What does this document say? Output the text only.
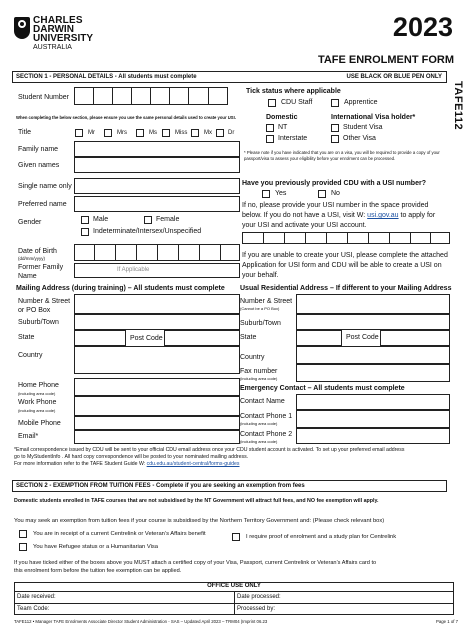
CHARLES
DARWIN
UNIVERSITY
AUSTRALIA
2023
TAFE ENROLMENT FORM
TAFE112
SECTION 1 - PERSONAL DETAILS - All students must complete	USE BLACK OR BLUE PEN ONLY
Student Number
When completing the below section, please ensure you use the same personal details used to create your USI.
Title	Mr	Mrs	Ms	Miss	Mx	Dr
Family name
Given names
Single name only
Preferred name
Gender	Male	Female
Indeterminate/Intersex/Unspecified
Date of Birth
(dd/mm/yyyy)
Former Family Name
If Applicable
Tick status where applicable
CDU Staff	Apprentice
Domestic	International Visa holder*
NT	Student Visa
Interstate	Other Visa
* Please note if you have indicated that you are on a visa, you will be required to provide a copy of your passport/visa to assess your eligibility before your enrolment can be processed.
Have you previously provided CDU with a USI number?
Yes	No
If no, please provide your USI number in the space provided
below. If you do not have a USI, visit W: usi.gov.au to apply for
your USI and activate your USI account.
If you are unable to create your USI, please complete the attached
Application for USI form and CDU will be able to create a USI on
your behalf.
Mailing Address (during training) – All students must complete
Number & Street
or PO Box
Suburb/Town
State	Post Code
Country
Home Phone
(including area code)
Work Phone
(including area code)
Mobile Phone
Email*
Usual Residential Address – If different to your Mailing Address
Number & Street
(Cannot be a PO Box)
Suburb/Town
State	Post Code
Country
Fax number
(including area code)
Emergency Contact – All students must complete
Contact Name
Contact Phone 1
(including area code)
Contact Phone 2
(including area code)
*Email correspondence issued by CDU will be sent to your official CDU email address once your CDU student account is activated. To set up your preferred email address
go to MyStudentInfo . All hard copy correspondence will be posted to your nominated mailing address.
For more information refer to the TAFE Student Guide W: cdu.edu.au/student-central/forms-guides
SECTION 2 - EXEMPTION FROM TUITION FEES - Complete if you are seeking an exemption from fees
Domestic students enrolled in TAFE courses that are not subsidised by the NT Government will attract full fees, and NO fee exemption will apply.
You may seek an exemption from tuition fees if your course is subsidised by the Northern Territory Government and: (Please check relevant box)
You are in receipt of a current Centrelink or Veteran’s Affairs benefit	I require proof of enrolment and a study plan for Centrelink
You have Refugee status or a Humanitarian Visa
If you have ticked either of the boxes above you MUST attach a certified copy of your Visa, Passport, current Centrelink or Veteran’s Affairs card to
this enrolment form before the tuition fee exemption can be applied.
OFFICE USE ONLY
Date received:	Date processed:
Team Code:	Processed by:
TAFE112 • Manager TAFE Enrolments Associate Director Student Administration - SAS – Updated April 2023 – TRM04 (Imprint 06.23	Page 1 of 7
